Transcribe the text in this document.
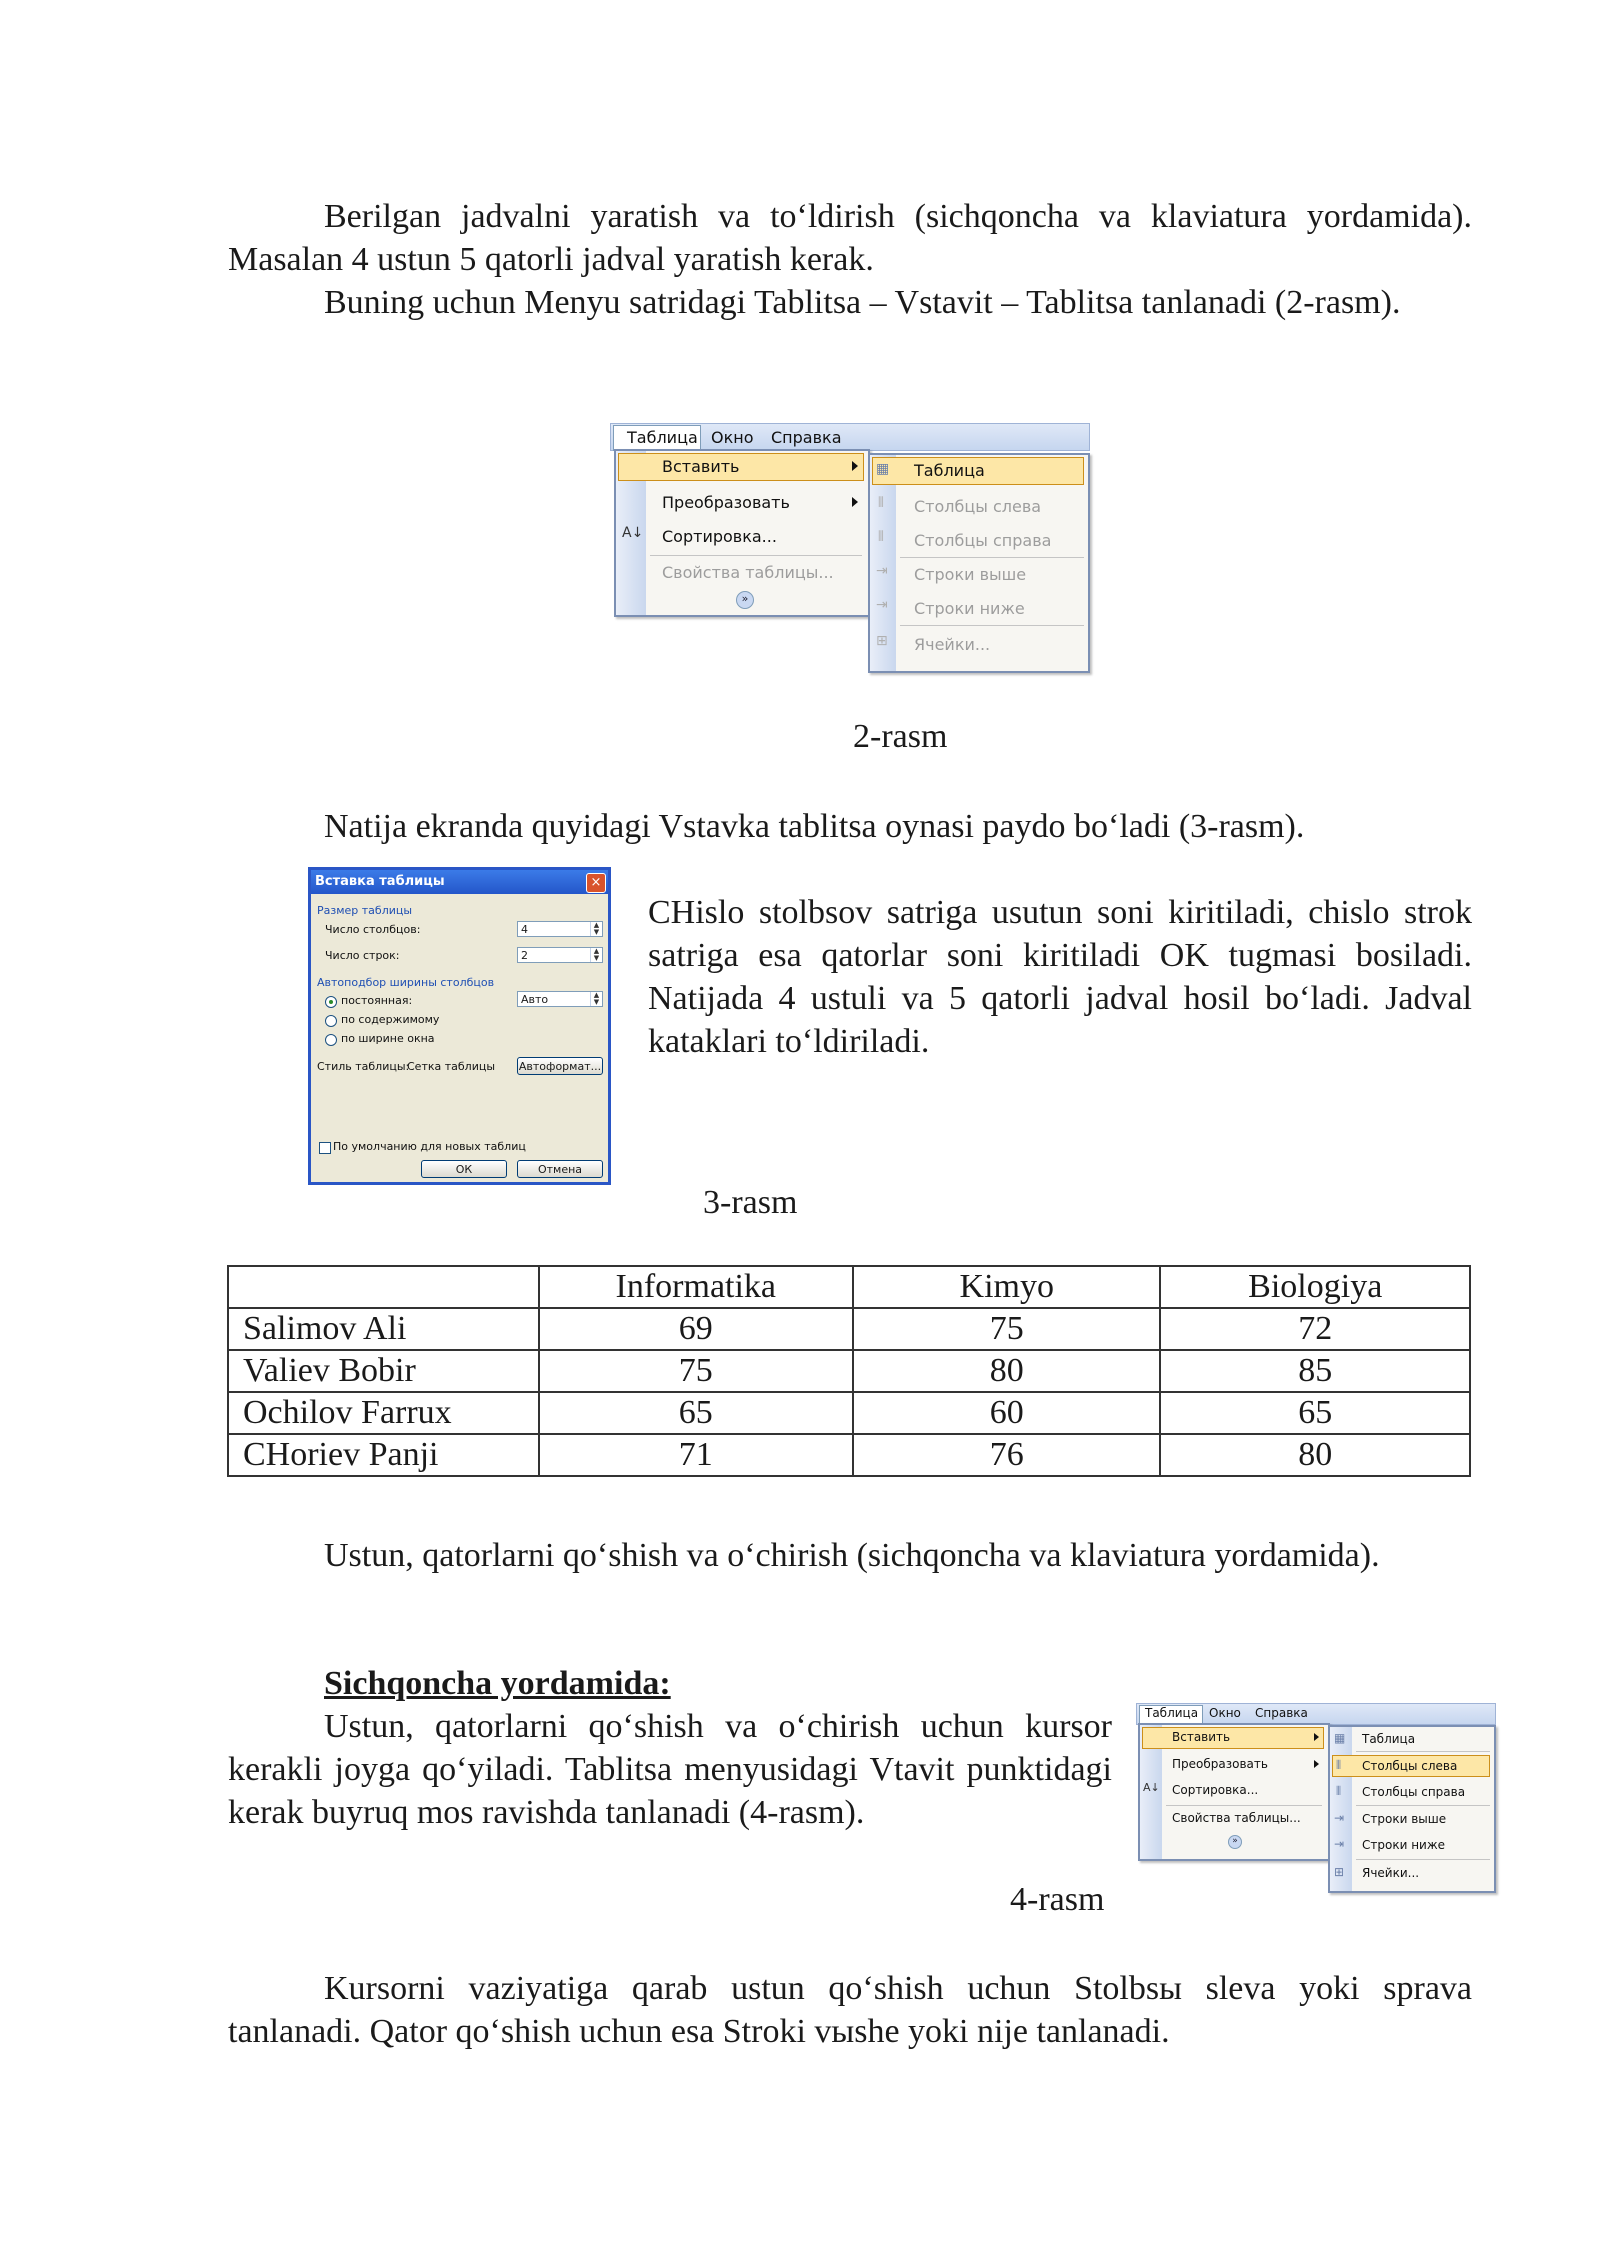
Berilgan jadvalni yaratish va to‘ldirish (sichqoncha va klaviatura yordamida). Masalan 4 ustun 5 qatorli jadval yaratish kerak.
Buning uchun Menyu satridagi Tablitsa – Vstavit – Tablitsa tanlanadi (2-rasm).
Таблица Окно Справка
Вставить
Преобразовать
A↓ Сортировка...
Свойства таблицы...
»
▦ Таблица
⫴ Столбцы слева
⫴ Столбцы справа
⇥ Строки выше
⇥ Строки ниже
⊞ Ячейки...
2-rasm
Natija ekranda quyidagi Vstavka tablitsa oynasi paydo bo‘ladi (3-rasm).
Вставка таблицы	×
Размер таблицы
Число столбцов:	4	▲
▼
Число строк:	2	▲
▼
Автоподбор ширины столбцов
постоянная:	Авто	▲
▼
по содержимому
по ширине окна
Стиль таблицы:
Сетка таблицы Автоформат...
По умолчанию для новых таблиц
ОК	Отмена
CHislo stolbsov satriga usutun soni kiritiladi, chislo strok satriga esa qatorlar soni kiritiladi OK tugmasi bosiladi. Natijada 4 ustuli va 5 qatorli jadval hosil bo‘ladi. Jadval kataklari to‘ldiriladi.
3-rasm
	Informatika	Kimyo	Biologiya
Salimov Ali	69	75	72
Valiev Bobir	75	80	85
Ochilov Farrux	65	60	65
CHoriev Panji	71	76	80
Ustun, qatorlarni qo‘shish va o‘chirish (sichqoncha va klaviatura yordamida).
Sichqoncha yordamida:
Ustun, qatorlarni qo‘shish va o‘chirish uchun kursor kerakli joyga qo‘yiladi. Tablitsa menyusidagi Vtavit punktidagi kerak buyruq mos ravishda tanlanadi (4-rasm).
Таблица Окно Справка
Вставить
Преобразовать
A↓ Сортировка...
Свойства таблицы...
»
▦ Таблица
⫴ Столбцы слева
⫴ Столбцы справа
⇥ Строки выше
⇥ Строки ниже
⊞ Ячейки...
4-rasm
Kursorni vaziyatiga qarab ustun qo‘shish uchun Stolbsы sleva yoki sprava tanlanadi. Qator qo‘shish uchun esa Stroki vыshe yoki nije tanlanadi.
